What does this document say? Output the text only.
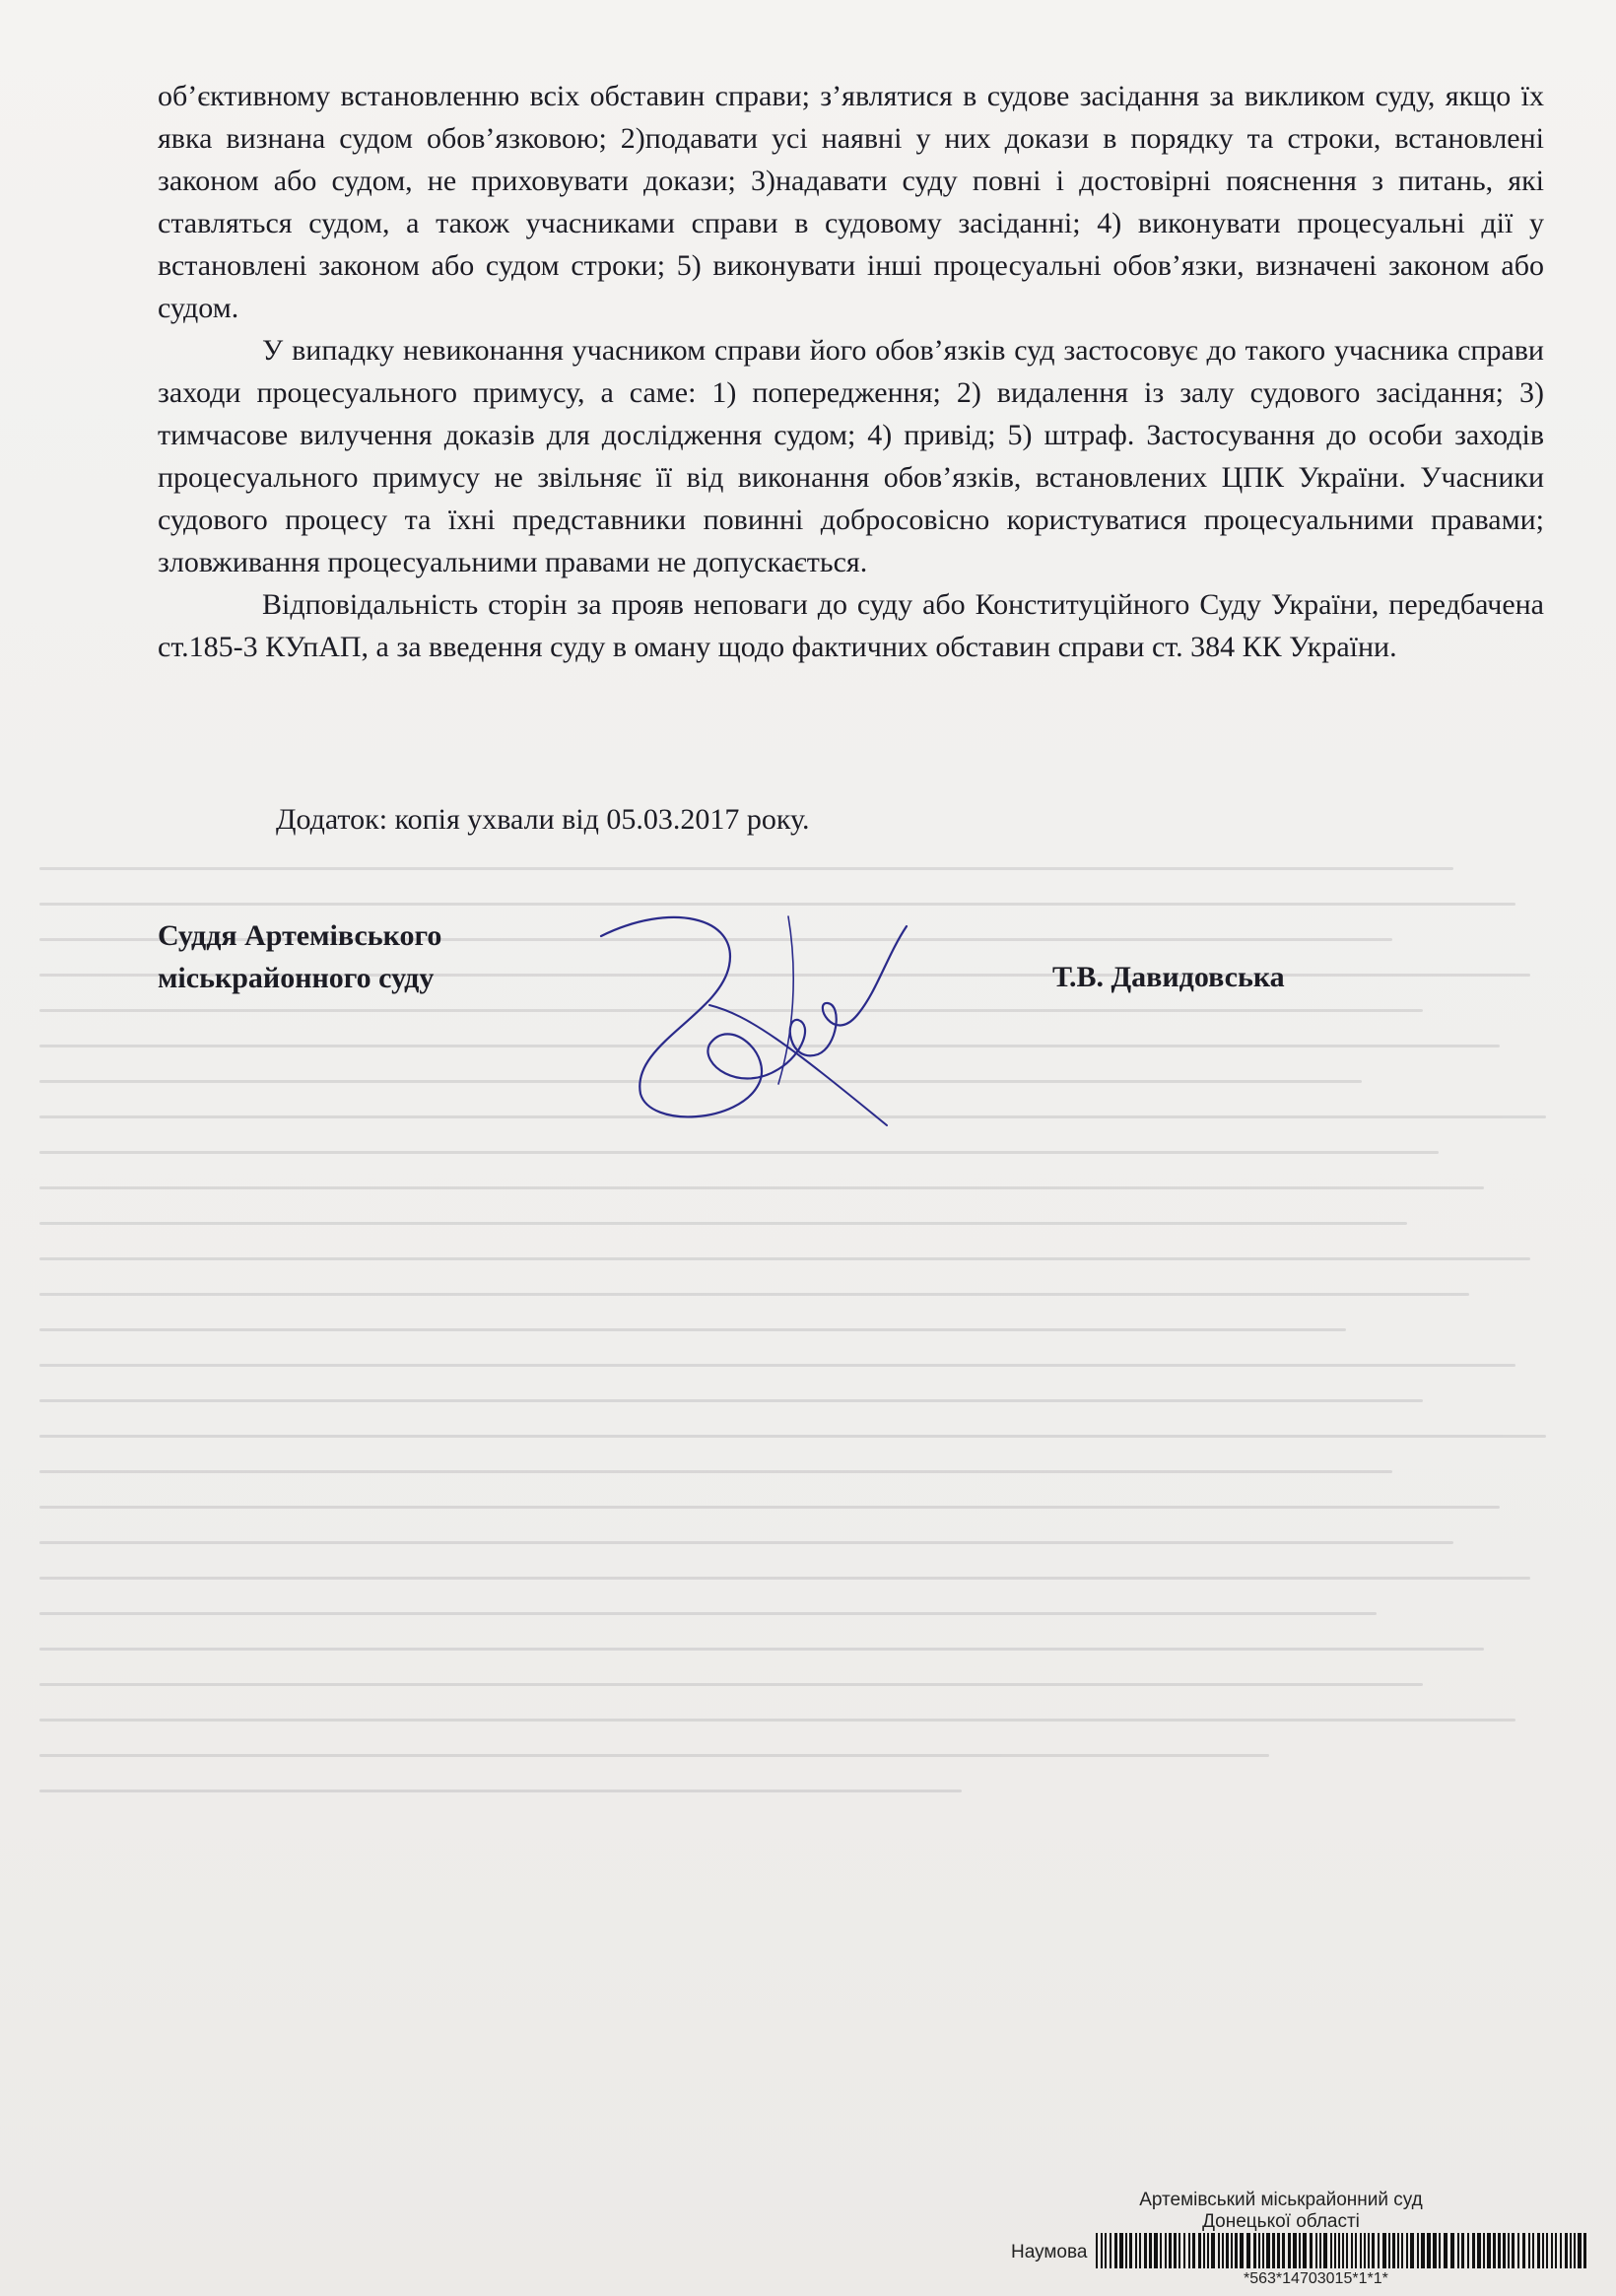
об’єктивному встановленню всіх обставин справи; з’являтися в судове засідання за викликом суду, якщо їх явка визнана судом обов’язковою; 2)подавати усі наявні у них докази в порядку та строки, встановлені законом або судом, не приховувати докази; 3)надавати суду повні і достовірні пояснення з питань, які ставляться судом, а також учасниками справи в судовому засіданні; 4) виконувати процесуальні дії у встановлені законом або судом строки; 5) виконувати інші процесуальні обов’язки, визначені законом або судом.

У випадку невиконання учасником справи його обов’язків суд застосовує до такого учасника справи заходи процесуального примусу, а саме: 1) попередження; 2) видалення із залу судового засідання; 3) тимчасове вилучення доказів для дослідження судом; 4) привід; 5) штраф. Застосування до особи заходів процесуального примусу не звільняє її від виконання обов’язків, встановлених ЦПК України. Учасники судового процесу та їхні представники повинні добросовісно користуватися процесуальними правами; зловживання процесуальними правами не допускається.

Відповідальність сторін за прояв неповаги до суду або Конституційного Суду України, передбачена ст.185-3 КУпАП, а за введення суду в оману щодо фактичних обставин справи ст. 384 КК України.

Додаток: копія ухвали від 05.03.2017 року.
Суддя Артемівського
міськрайонного суду	Т.В. Давидовська
Артемівський міськрайонний суд
Донецької області
Наумова
*563*14703015*1*1*
